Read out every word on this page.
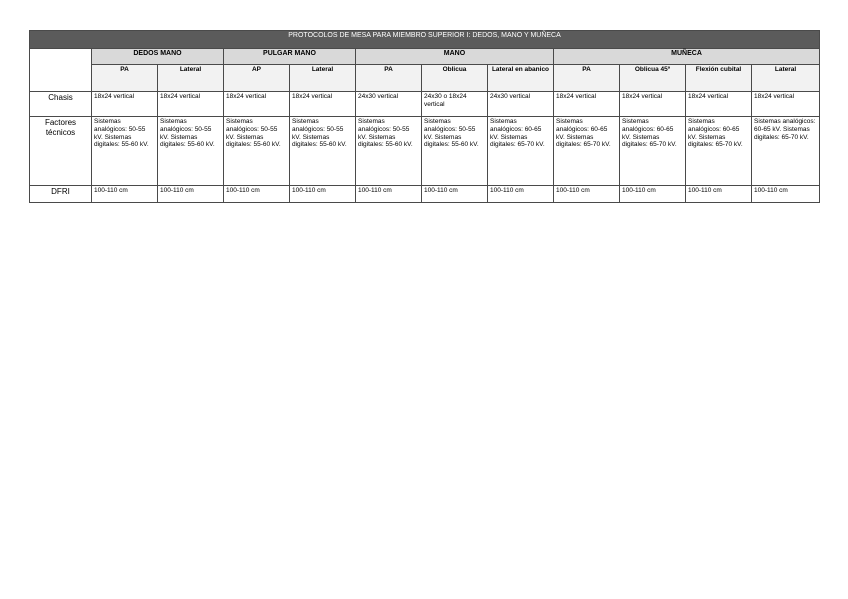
PROTOCOLOS DE MESA PARA MIEMBRO SUPERIOR I: DEDOS, MANO Y MUÑECA											
	DEDOS MANO		PULGAR MANO		MANO			MUÑECA			
	PA	Lateral	AP	Lateral	PA	Oblicua	Lateral en abanico	PA	Oblicua 45º	Flexión cubital	Lateral
Chasis	18x24 vertical	18x24 vertical	18x24 vertical	18x24 vertical	24x30 vertical	24x30 o 18x24 vertical	24x30 vertical	18x24 vertical	18x24 vertical	18x24 vertical	18x24 vertical
Factores técnicos	Sistemas analógicos: 50-55 kV. Sistemas digitales: 55-60 kV.	Sistemas analógicos: 50-55 kV. Sistemas digitales: 55-60 kV.	Sistemas analógicos: 50-55 kV. Sistemas digitales: 55-60 kV.	Sistemas analógicos: 50-55 kV. Sistemas digitales: 55-60 kV.	Sistemas analógicos: 50-55 kV. Sistemas digitales: 55-60 kV.	Sistemas analógicos: 50-55 kV. Sistemas digitales: 55-60 kV.	Sistemas analógicos: 60-65 kV. Sistemas digitales: 65-70 kV.	Sistemas analógicos: 60-65 kV. Sistemas digitales: 65-70 kV.	Sistemas analógicos: 60-65 kV. Sistemas digitales: 65-70 kV.	Sistemas analógicos: 60-65 kV. Sistemas digitales: 65-70 kV.	Sistemas analógicos: 60-65 kV. Sistemas digitales: 65-70 kV.
DFRI	100-110 cm	100-110 cm	100-110 cm	100-110 cm	100-110 cm	100-110 cm	100-110 cm	100-110 cm	100-110 cm	100-110 cm	100-110 cm
